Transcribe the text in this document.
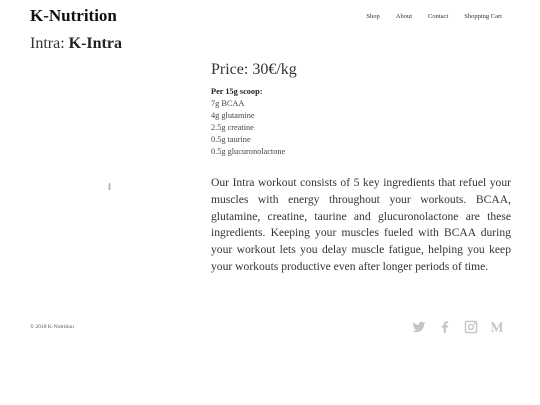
K-Nutrition	Shop About Contact Shopping Cart
Intra: K-Intra
Price: 30€/kg
Per 15g scoop:
7g BCAA
4g glutamine
2.5g creatine
0.5g taurine
0.5g glucuronolactone
Our Intra workout consists of 5 key ingredients that refuel your muscles with energy throughout your workouts. BCAA, glutamine, creatine, taurine and glucuronolactone are these ingredients. Keeping your muscles fueled with BCAA during your workout lets you delay muscle fatigue, helping you keep your workouts productive even after longer periods of time.
© 2018 K-Nutrition
